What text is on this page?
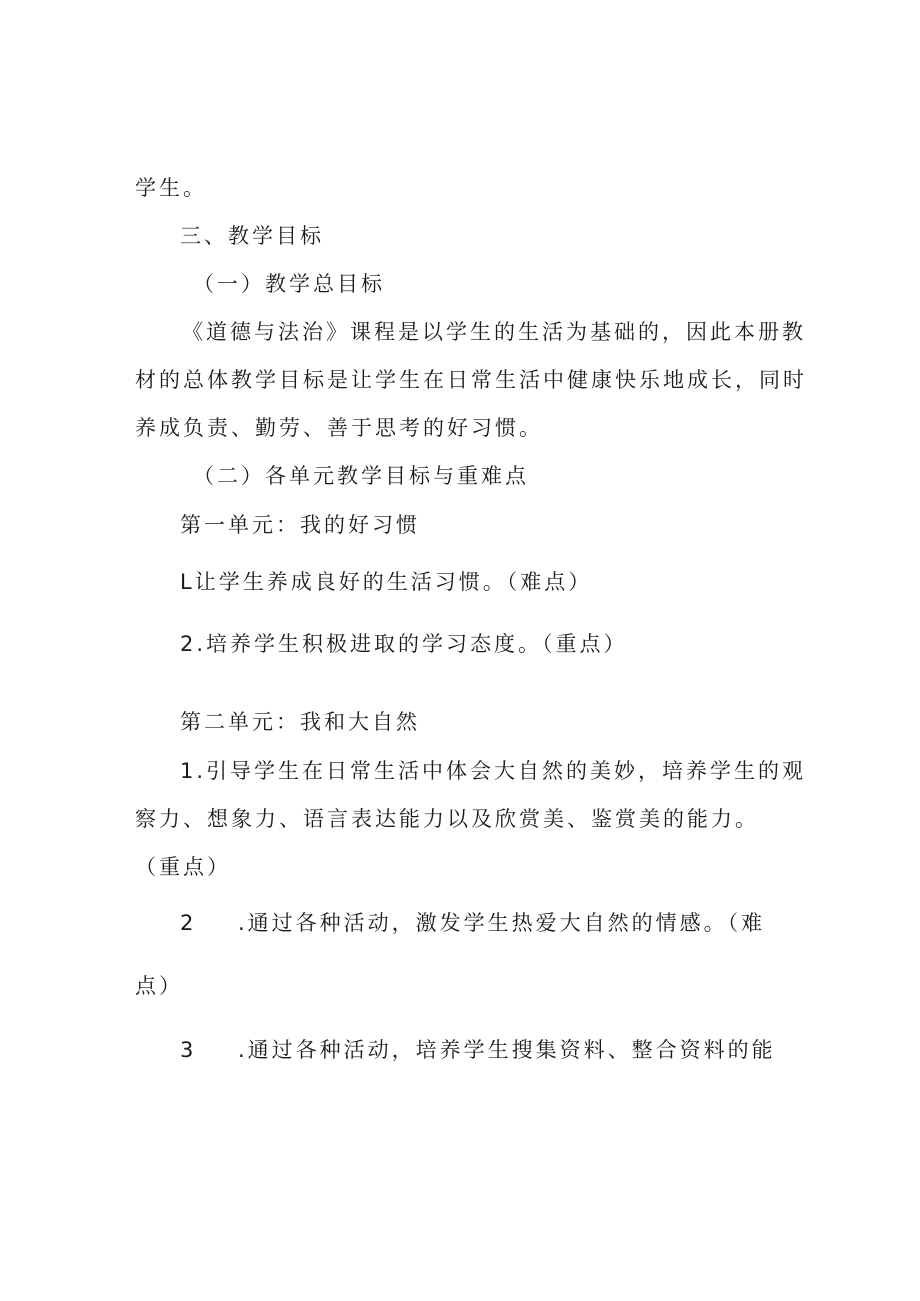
学生。
三、教学目标
（一）教学总目标
《道德与法治》课程是以学生的生活为基础的，因此本册教
材的总体教学目标是让学生在日常生活中健康快乐地成长，同时
养成负责、勤劳、善于思考的好习惯。
（二）各单元教学目标与重难点
第一单元：我的好习惯
L让学生养成良好的生活习惯。（难点）
2.培养学生积极进取的学习态度。（重点）
第二单元：我和大自然
1.引导学生在日常生活中体会大自然的美妙，培养学生的观
察力、想象力、语言表达能力以及欣赏美、鉴赏美的能力。
（重点）
2 .通过各种活动，激发学生热爱大自然的情感。（难
点）
3 .通过各种活动，培养学生搜集资料、整合资料的能
